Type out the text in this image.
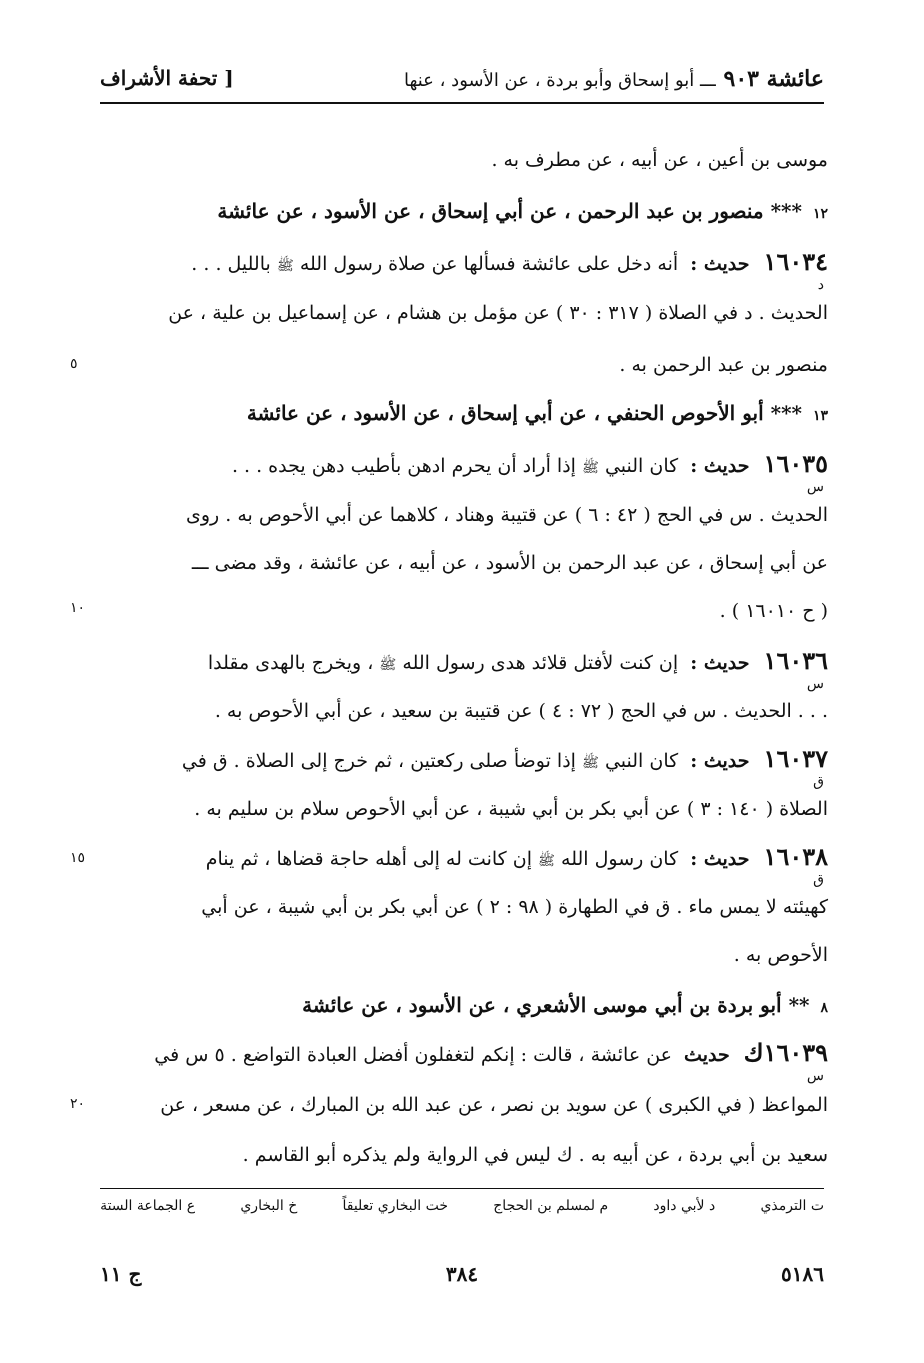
عائشة ٩٠٣ ـــ أبو إسحاق وأبو بردة ، عن الأسود ، عنها
[ تحفة الأشراف
موسى بن أعين ، عن أبيه ، عن مطرف به .
١٢ *** منصور بن عبد الرحمن ، عن أبي إسحاق ، عن الأسود ، عن عائشة
١٦٠٣٤ حديث : أنه دخل على عائشة فسألها عن صلاة رسول الله ﷺ بالليل . . .
د
الحديث . د في الصلاة ( ٣١٧ : ٣٠ ) عن مؤمل بن هشام ، عن إسماعيل بن علية ، عن
منصور بن عبد الرحمن به .
٥
١٣ *** أبو الأحوص الحنفي ، عن أبي إسحاق ، عن الأسود ، عن عائشة
١٦٠٣٥ حديث : كان النبي ﷺ إذا أراد أن يحرم ادهن بأطيب دهن يجده . . .
س
الحديث . س في الحج ( ٤٢ : ٦ ) عن قتيبة وهناد ، كلاهما عن أبي الأحوص به . روى
عن أبي إسحاق ، عن عبد الرحمن بن الأسود ، عن أبيه ، عن عائشة ، وقد مضى ـــ
( ح ١٦٠١٠ ) .
١٠
١٦٠٣٦ حديث : إن كنت لأفتل قلائد هدى رسول الله ﷺ ، ويخرج بالهدى مقلدا
س
. . . الحديث . س في الحج ( ٧٢ : ٤ ) عن قتيبة بن سعيد ، عن أبي الأحوص به .
١٦٠٣٧ حديث : كان النبي ﷺ إذا توضأ صلى ركعتين ، ثم خرج إلى الصلاة . ق في
ق
الصلاة ( ١٤٠ : ٣ ) عن أبي بكر بن أبي شيبة ، عن أبي الأحوص سلام بن سليم به .
١٦٠٣٨ حديث : كان رسول الله ﷺ إن كانت له إلى أهله حاجة قضاها ، ثم ينام
١٥
ق
كهيئته لا يمس ماء . ق في الطهارة ( ٩٨ : ٢ ) عن أبي بكر بن أبي شيبة ، عن أبي
الأحوص به .
٨ ** أبو بردة بن أبي موسى الأشعري ، عن الأسود ، عن عائشة
١٦٠٣٩ك حديث عن عائشة ، قالت : إنكم لتغفلون أفضل العبادة التواضع . ٥ س في
س
المواعظ ( في الكبرى ) عن سويد بن نصر ، عن عبد الله بن المبارك ، عن مسعر ، عن
٢٠
سعيد بن أبي بردة ، عن أبيه به . ك ليس في الرواية ولم يذكره أبو القاسم .
ع الجماعة الستة	خ البخاري	خت البخاري تعليقاً	م لمسلم بن الحجاج	د لأبي داود	ت الترمذي
٥١٨٦
٣٨٤
ج ١١
